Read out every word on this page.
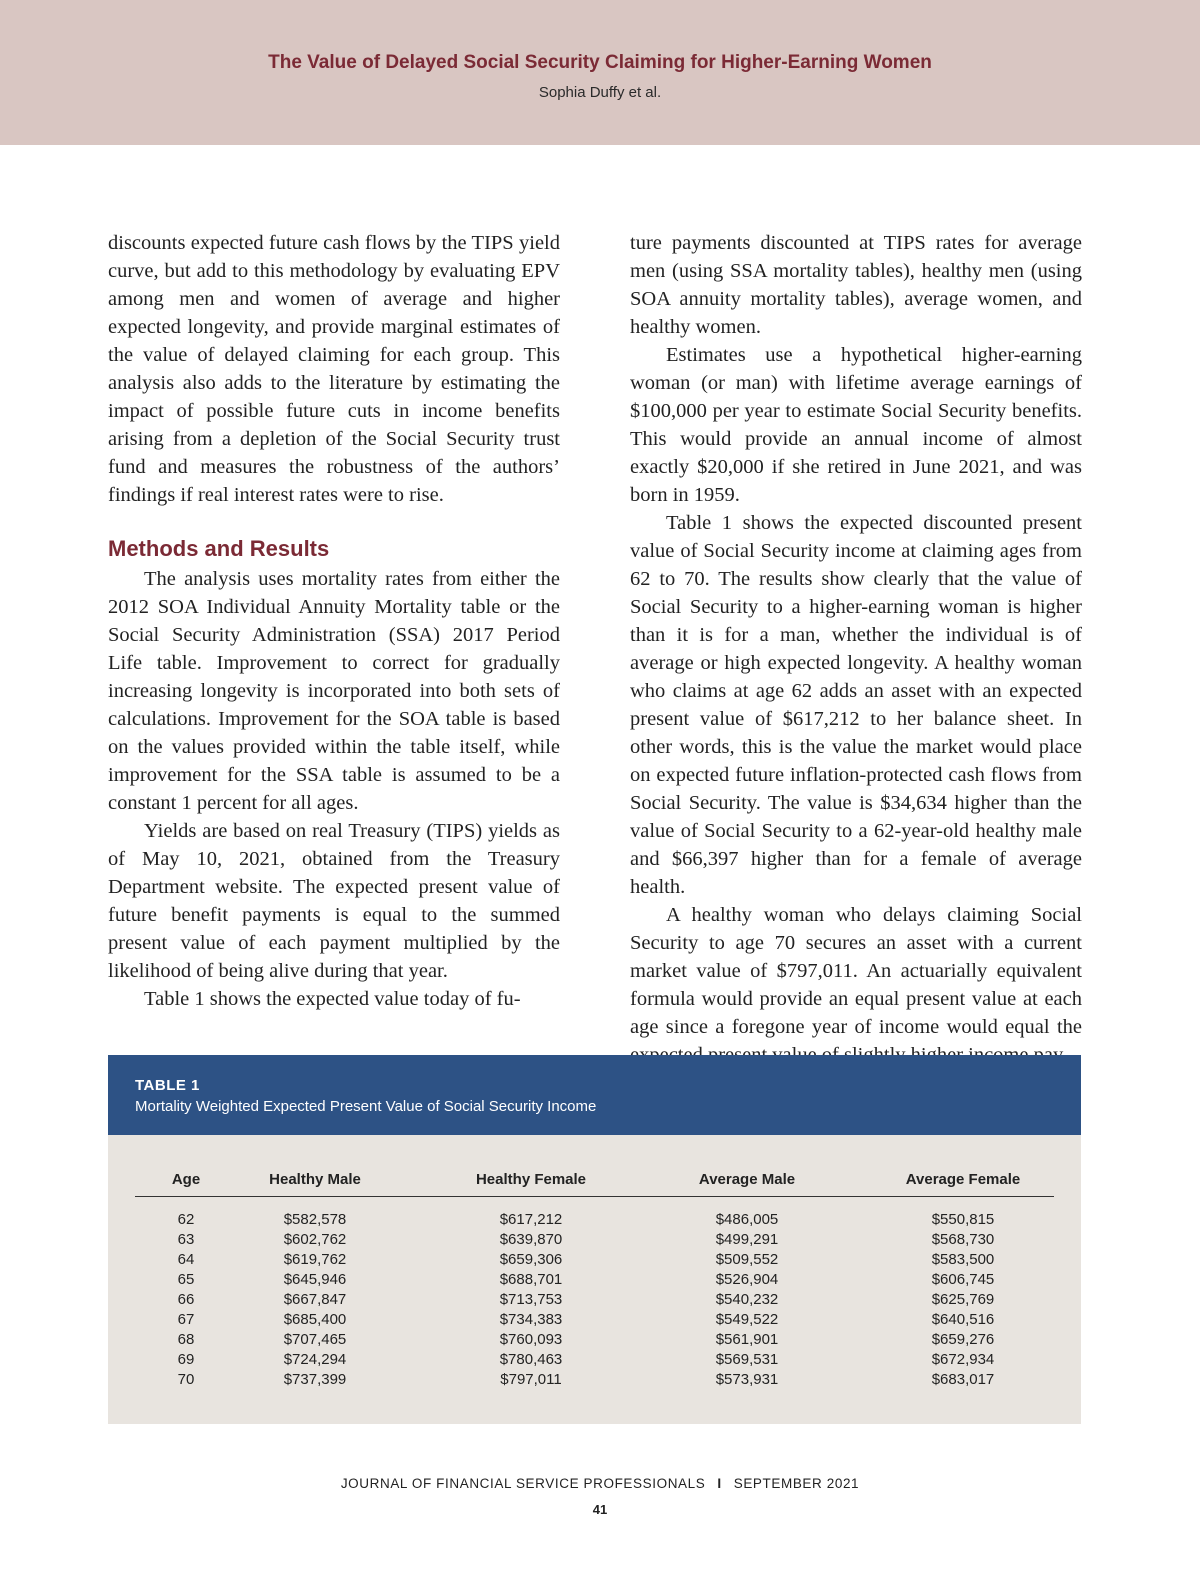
The Value of Delayed Social Security Claiming for Higher-Earning Women
Sophia Duffy et al.

discounts expected future cash flows by the TIPS yield curve, but add to this methodology by evaluating EPV among men and women of average and higher expected longevity, and provide marginal estimates of the value of delayed claiming for each group. This analysis also adds to the literature by estimating the impact of possible future cuts in income benefits arising from a depletion of the Social Security trust fund and measures the robustness of the authors’ findings if real interest rates were to rise.

Methods and Results

The analysis uses mortality rates from either the 2012 SOA Individual Annuity Mortality table or the Social Security Administration (SSA) 2017 Period Life table. Improvement to correct for gradually increasing longevity is incorporated into both sets of calculations. Improvement for the SOA table is based on the values provided within the table itself, while improvement for the SSA table is assumed to be a constant 1 percent for all ages.

Yields are based on real Treasury (TIPS) yields as of May 10, 2021, obtained from the Treasury Department website. The expected present value of future benefit payments is equal to the summed present value of each payment multiplied by the likelihood of being alive during that year.

Table 1 shows the expected value today of fu-

ture payments discounted at TIPS rates for average men (using SSA mortality tables), healthy men (using SOA annuity mortality tables), average women, and healthy women.

Estimates use a hypothetical higher-earning woman (or man) with lifetime average earnings of $100,000 per year to estimate Social Security benefits. This would provide an annual income of almost exactly $20,000 if she retired in June 2021, and was born in 1959.

Table 1 shows the expected discounted present value of Social Security income at claiming ages from 62 to 70. The results show clearly that the value of Social Security to a higher-earning woman is higher than it is for a man, whether the individual is of average or high expected longevity. A healthy woman who claims at age 62 adds an asset with an expected present value of $617,212 to her balance sheet. In other words, this is the value the market would place on expected future inflation-protected cash flows from Social Security. The value is $34,634 higher than the value of Social Security to a 62-year-old healthy male and $66,397 higher than for a female of average health.

A healthy woman who delays claiming Social Security to age 70 secures an asset with a current market value of $797,011. An actuarially equivalent formula would provide an equal present value at each age since a foregone year of income would equal the

TABLE 1
Mortality Weighted Expected Present Value of Social Security Income
Age	Healthy Male	Healthy Female	Average Male	Average Female
62	$582,578	$617,212	$486,005	$550,815
63	$602,762	$639,870	$499,291	$568,730
64	$619,762	$659,306	$509,552	$583,500
65	$645,946	$688,701	$526,904	$606,745
66	$667,847	$713,753	$540,232	$625,769
67	$685,400	$734,383	$549,522	$640,516
68	$707,465	$760,093	$561,901	$659,276
69	$724,294	$780,463	$569,531	$672,934
70	$737,399	$797,011	$573,931	$683,017
JOURNAL OF FINANCIAL SERVICE PROFESSIONALS I SEPTEMBER 2021
41
